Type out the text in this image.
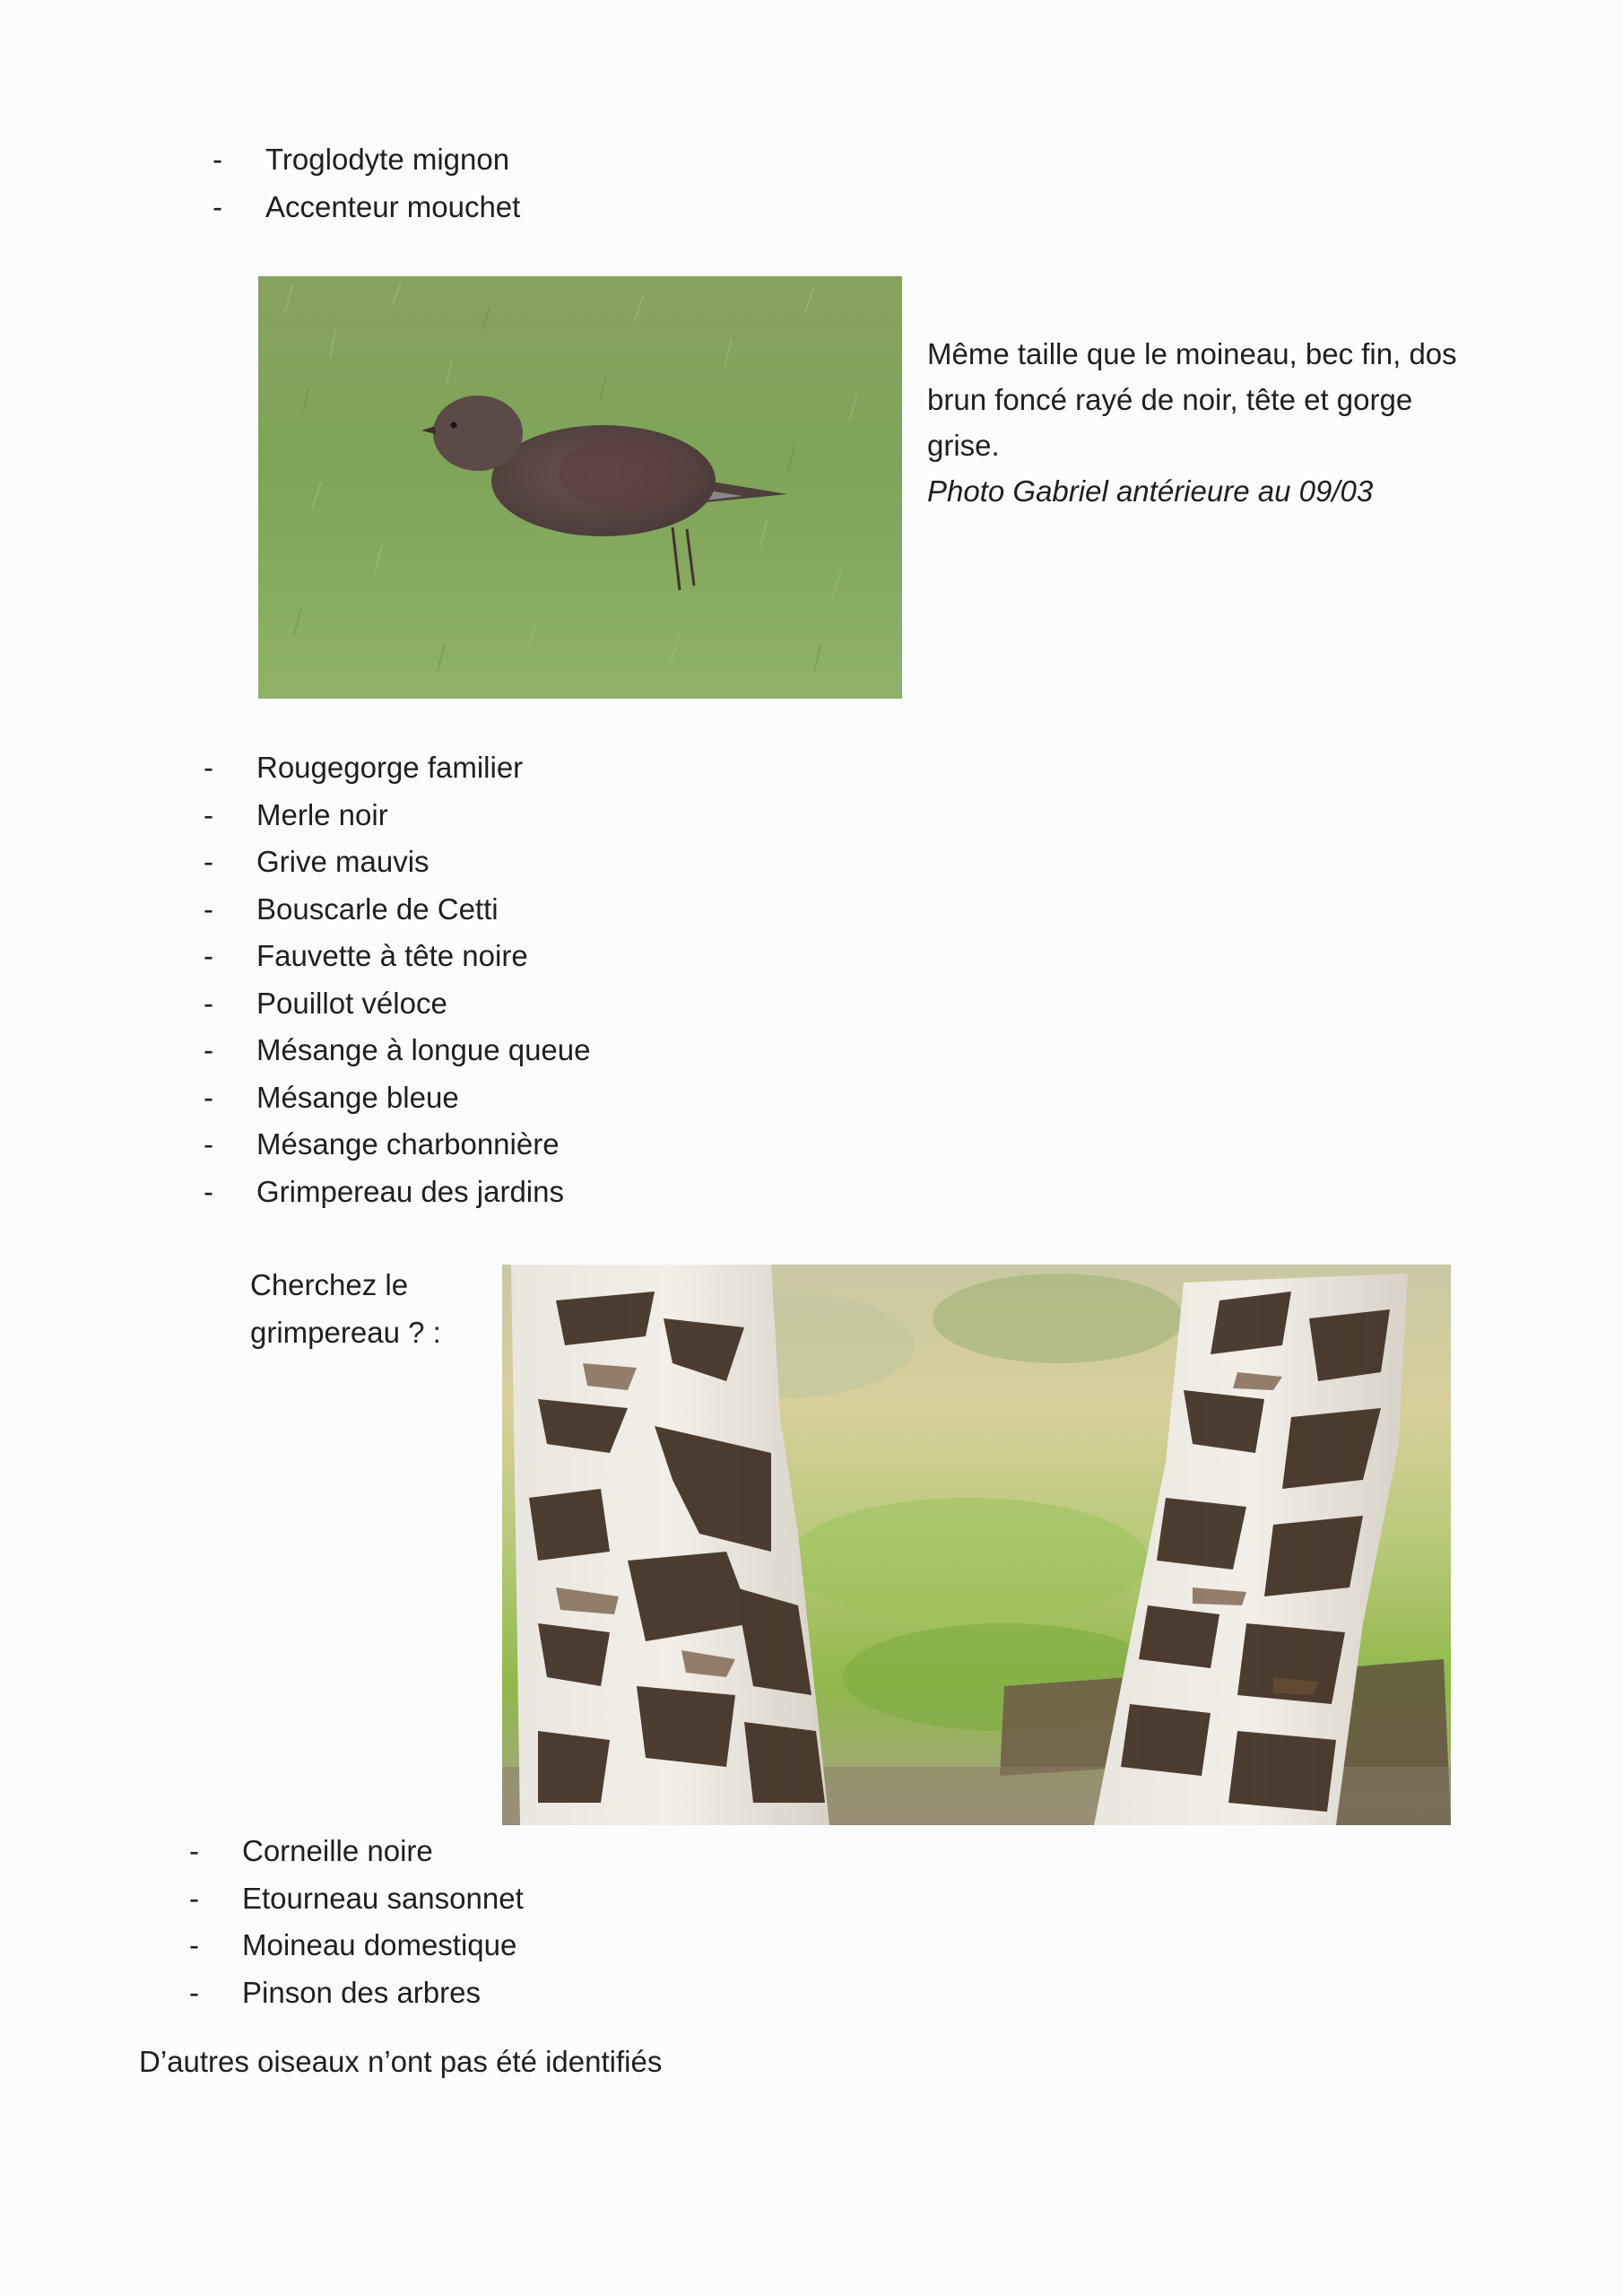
- Troglodyte mignon
- Accenteur mouchet
Même taille que le moineau, bec fin, dos
brun foncé rayé de noir, tête et gorge
grise.
Photo Gabriel antérieure au 09/03
- Rougegorge familier
- Merle noir
- Grive mauvis
- Bouscarle de Cetti
- Fauvette à tête noire
- Pouillot véloce
- Mésange à longue queue
- Mésange bleue
- Mésange charbonnière
- Grimpereau des jardins
Cherchez le
grimpereau ? :
- Corneille noire
- Etourneau sansonnet
- Moineau domestique
- Pinson des arbres
D’autres oiseaux n’ont pas été identifiés
